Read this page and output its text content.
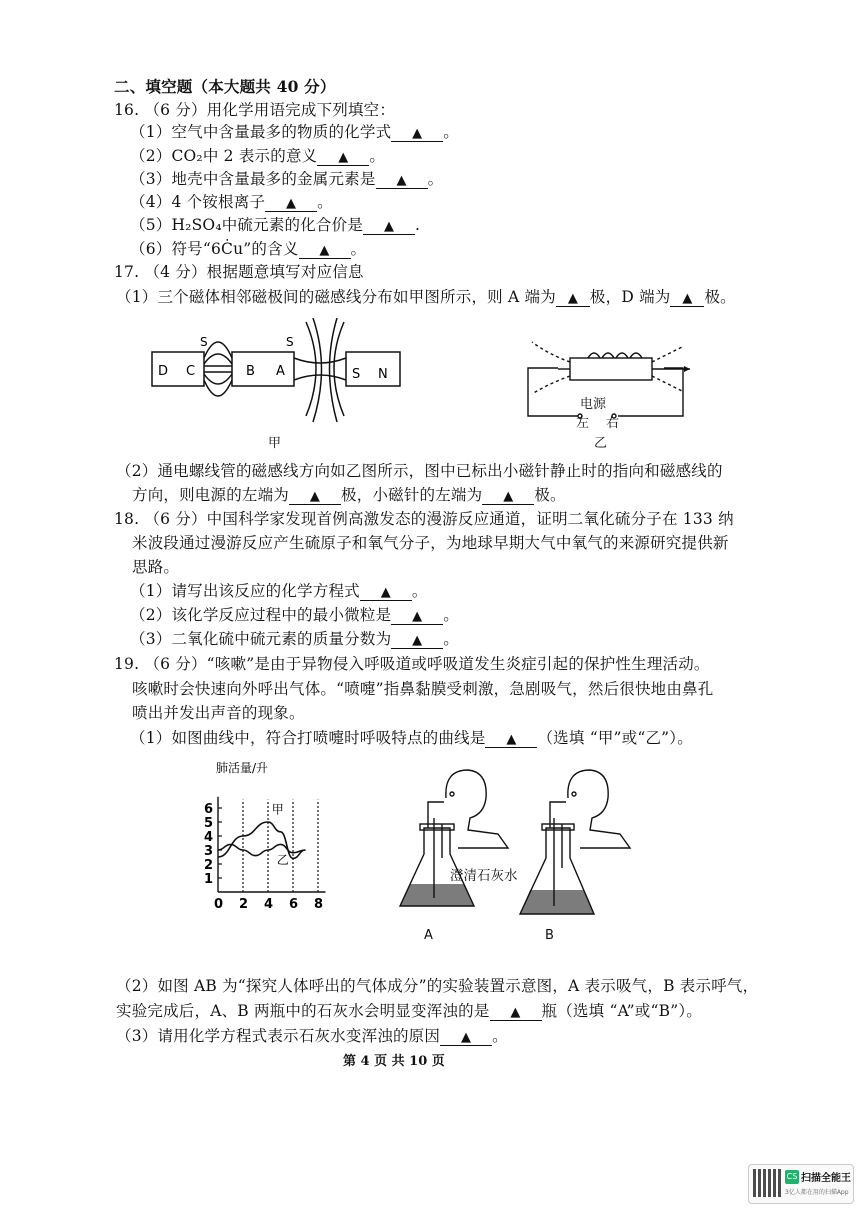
二、填空题（本大题共 40 分）
16. （6 分）用化学用语完成下列填空：
（1）空气中含量最多的物质的化学式 ▲ 。
（2）CO₂中 2 表示的意义 ▲ 。
（3）地壳中含量最多的金属元素是 ▲ 。
（4）4 个铵根离子 ▲ 。
（5）H₂SO₄中硫元素的化合价是 ▲ .
（6）符号“6Ċu”的含义 ▲ 。
17. （4 分）根据题意填写对应信息
（1）三个磁体相邻磁极间的磁感线分布如甲图所示，则 A 端为 ▲ 极，D 端为 ▲ 极。
D C	B A	S N
S	S
甲
电源
左 右
乙
（2）通电螺线管的磁感线方向如乙图所示，图中已标出小磁针静止时的指向和磁感线的
方向，则电源的左端为 ▲ 极，小磁针的左端为 ▲ 极。
18. （6 分）中国科学家发现首例高激发态的漫游反应通道，证明二氧化硫分子在 133 纳
米波段通过漫游反应产生硫原子和氧气分子，为地球早期大气中氧气的来源研究提供新
思路。
（1）请写出该反应的化学方程式 ▲ 。
（2）该化学反应过程中的最小微粒是 ▲ 。
（3）二氧化硫中硫元素的质量分数为 ▲ 。
19. （6 分）“咳嗽”是由于异物侵入呼吸道或呼吸道发生炎症引起的保护性生理活动。
咳嗽时会快速向外呼出气体。“喷嚏”指鼻黏膜受刺激，急剧吸气，然后很快地由鼻孔
喷出并发出声音的现象。
（1）如图曲线中，符合打喷嚏时呼吸特点的曲线是 ▲ （选填 “甲”或“乙”）。
肺活量/升
0 2 4 6 8
1
2
3
4
5
6	甲
乙
澄清石灰水
A	B
（2）如图 AB 为“探究人体呼出的气体成分”的实验装置示意图，A 表示吸气，B 表示呼气，
实验完成后，A、B 两瓶中的石灰水会明显变浑浊的是 ▲ 瓶（选填 “A”或“B”）。
（3）请用化学方程式表示石灰水变浑浊的原因 ▲ 。
第 4 页 共 10 页
CS 扫描全能王
3亿人都在用的扫描App
